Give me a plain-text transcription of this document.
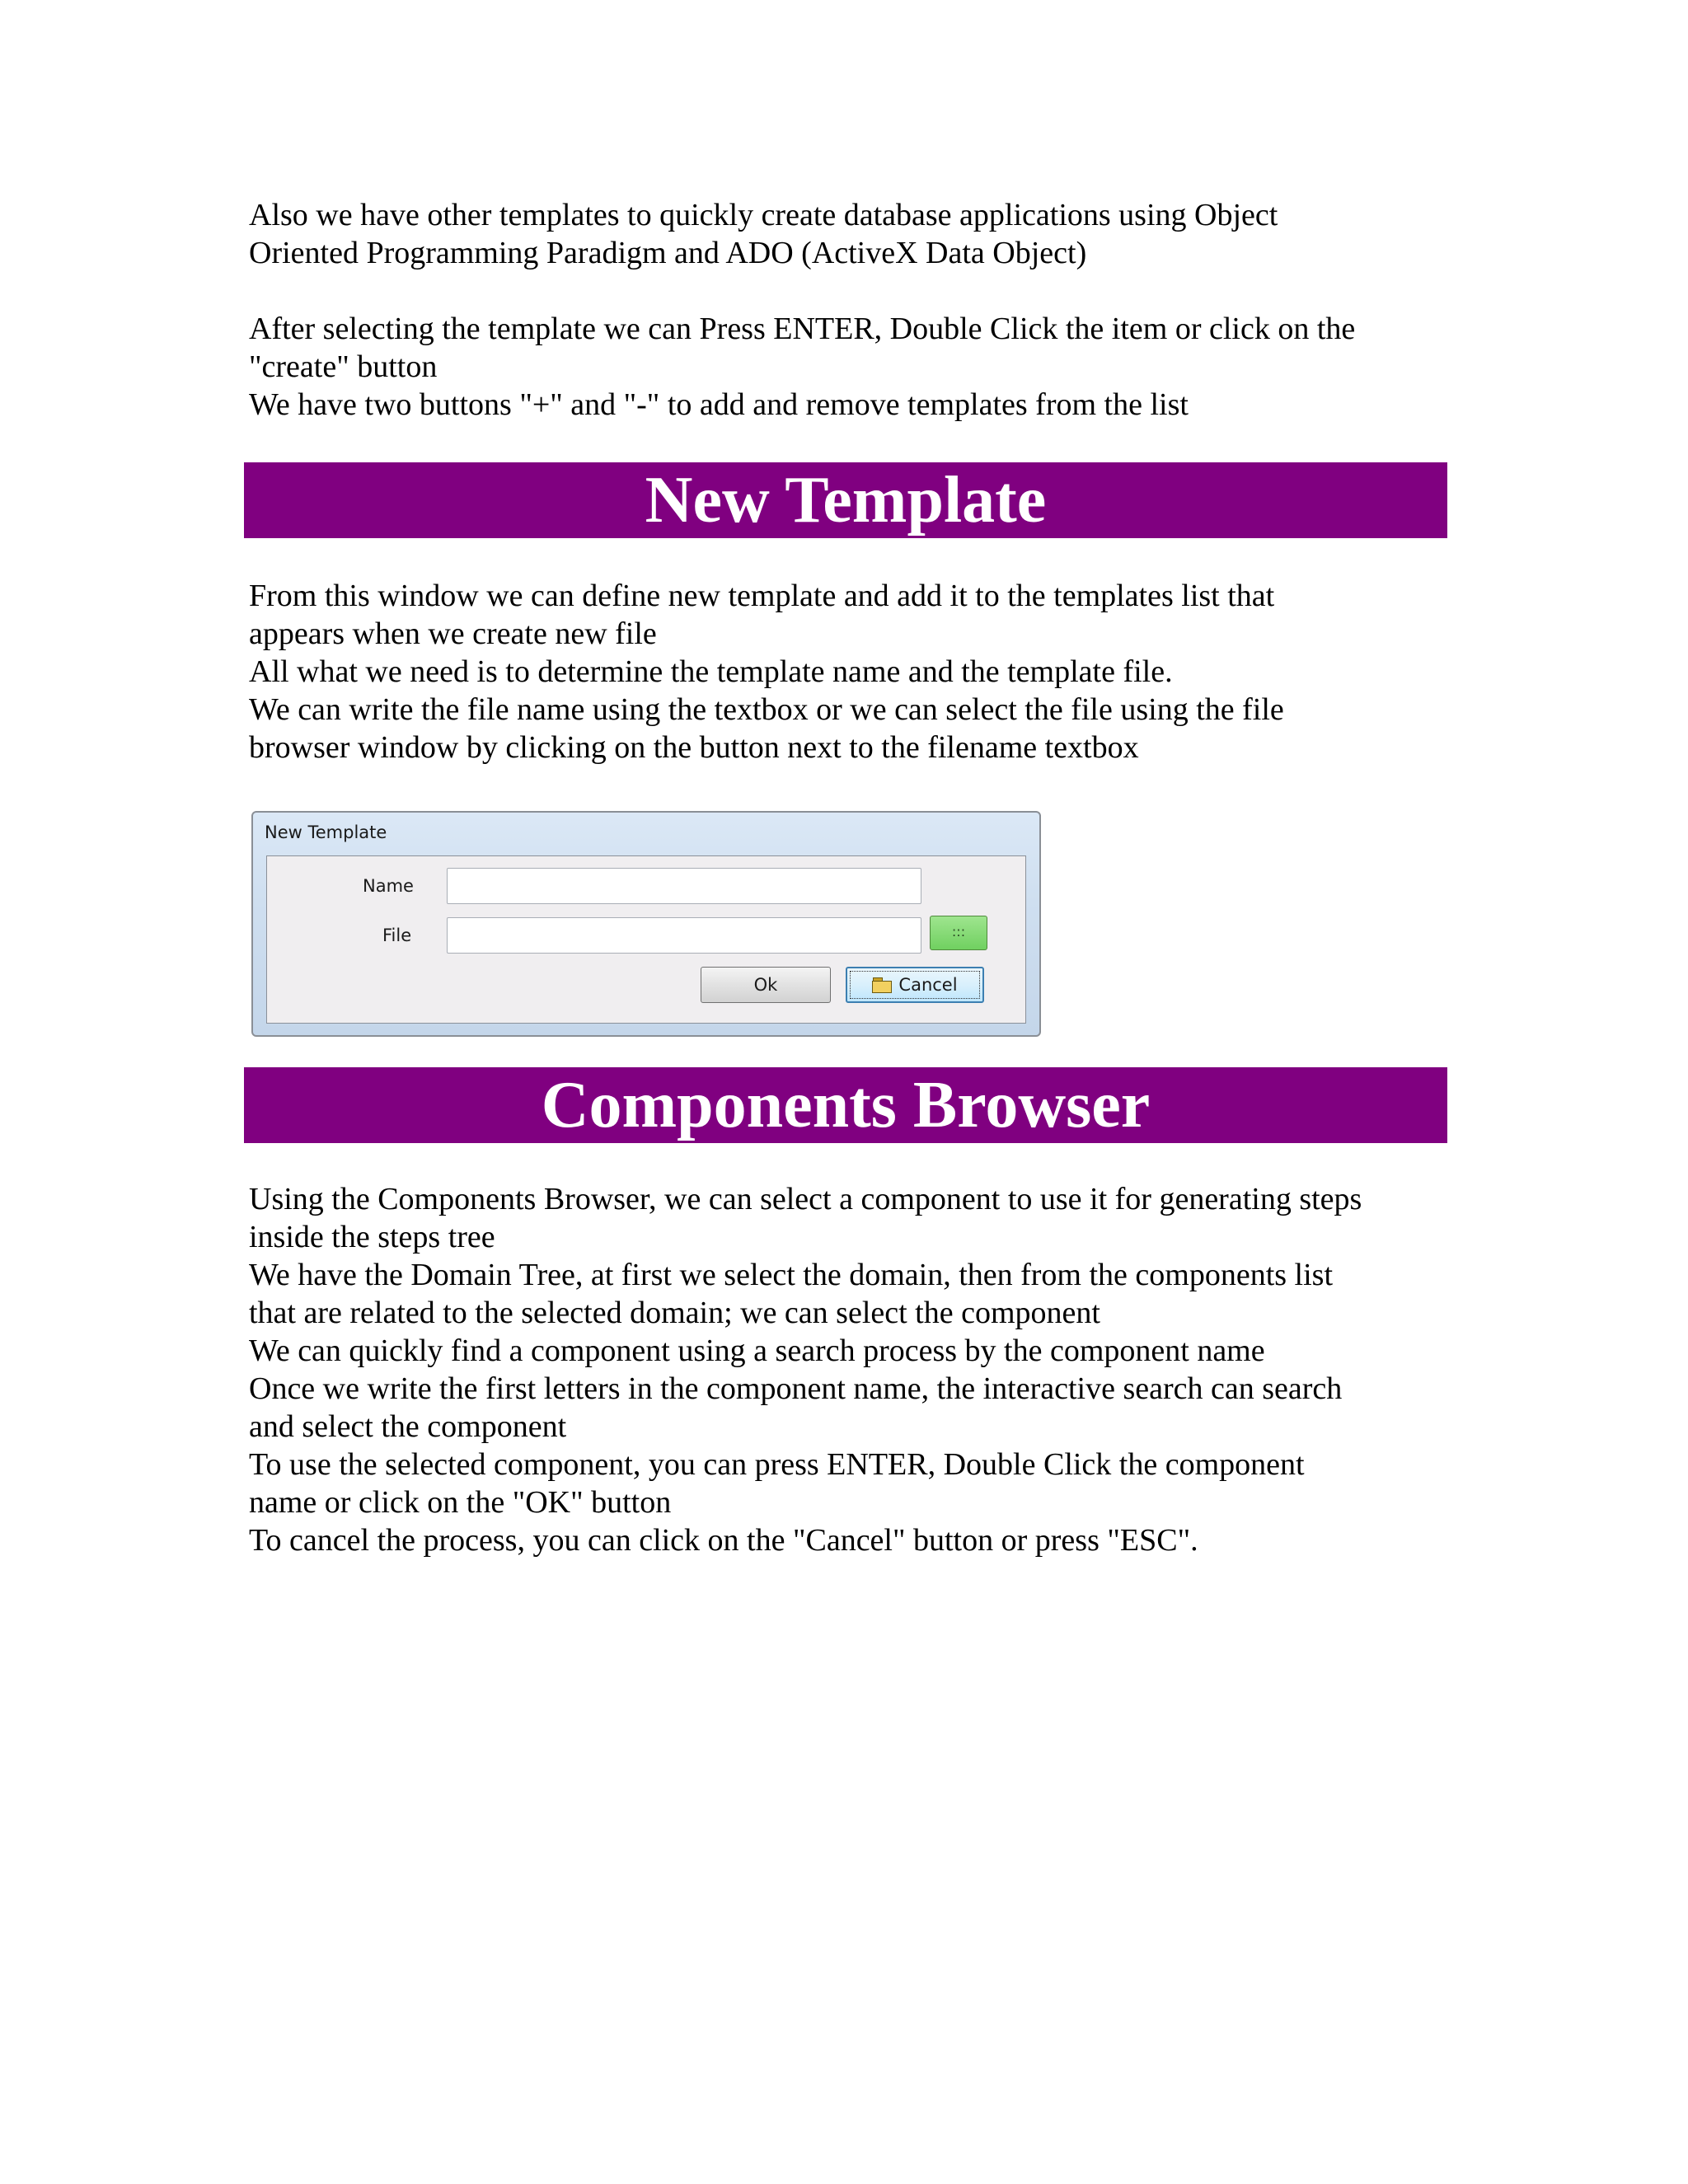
Also we have other templates to quickly create database applications using Object
Oriented Programming Paradigm and ADO (ActiveX Data Object)
After selecting the template we can Press ENTER, Double Click the item or click on the
"create" button
We have two buttons "+" and "-" to add and remove templates from the list
New Template
From this window we can define new template and add it to the templates list that
appears when we create new file
All what we need is to determine the template name and the template file.
We can write the file name using the textbox or we can select the file using the file
browser window by clicking on the button next to the filename textbox
New Template
Name
File	:::
Ok	Cancel
Components Browser
Using the Components Browser, we can select a component to use it for generating steps
inside the steps tree
We have the Domain Tree, at first we select the domain, then from the components list
that are related to the selected domain; we can select the component
We can quickly find a component using a search process by the component name
Once we write the first letters in the component name, the interactive search can search
and select the component
To use the selected component, you can press ENTER, Double Click the component
name or click on the "OK" button
To cancel the process, you can click on the "Cancel" button or press "ESC".
